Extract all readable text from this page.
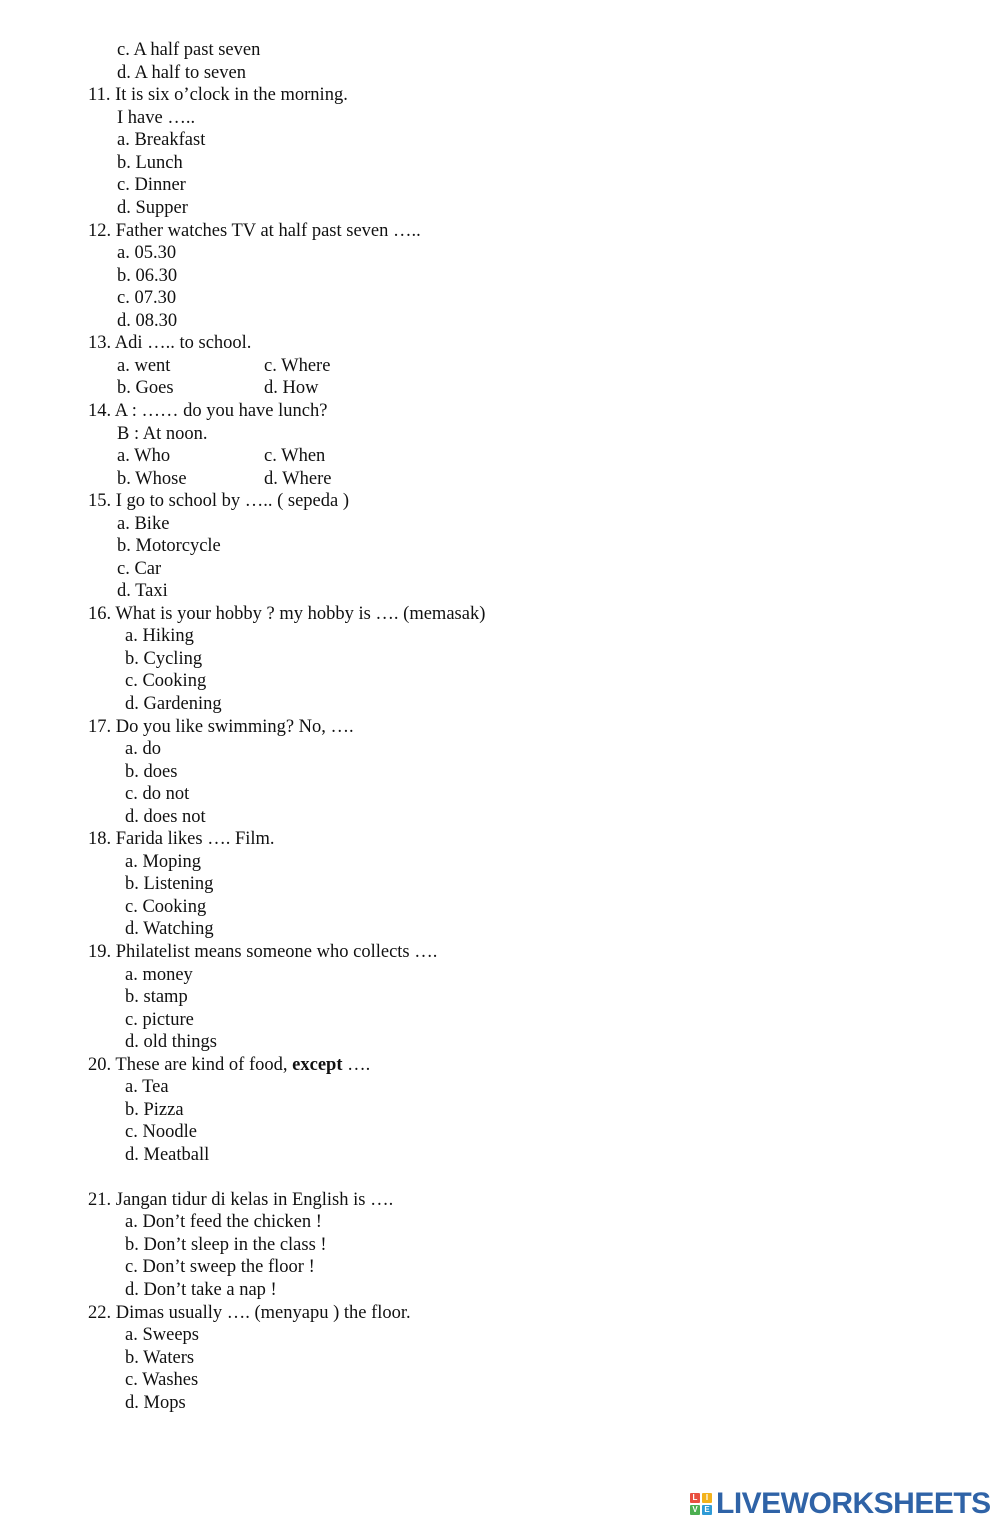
c. A half past seven
d. A half to seven
11. It is six o’clock in the morning.
I have …..
a. Breakfast
b. Lunch
c. Dinner
d. Supper
12. Father watches TV at half past seven …..
a. 05.30
b. 06.30
c. 07.30
d. 08.30
13. Adi ….. to school.
a. went	c. Where
b. Goes	d. How
14. A : …… do you have lunch?
B : At noon.
a. Who	c. When
b. Whose	d. Where
15. I go to school by ….. ( sepeda )
a. Bike
b. Motorcycle
c. Car
d. Taxi
16. What is your hobby ? my hobby is …. (memasak)
a. Hiking
b. Cycling
c. Cooking
d. Gardening
17. Do you like swimming? No, ….
a. do
b. does
c. do not
d. does not
18. Farida likes …. Film.
a. Moping
b. Listening
c. Cooking
d. Watching
19. Philatelist means someone who collects ….
a. money
b. stamp
c. picture
d. old things
20. These are kind of food, except ….
a. Tea
b. Pizza
c. Noodle
d. Meatball
21. Jangan tidur di kelas in English is ….
a. Don’t feed the chicken !
b. Don’t sleep in the class !
c. Don’t sweep the floor !
d. Don’t take a nap !
22. Dimas usually …. (menyapu ) the floor.
a. Sweeps
b. Waters
c. Washes
d. Mops
L	I
V E LIVEWORKSHEETS
